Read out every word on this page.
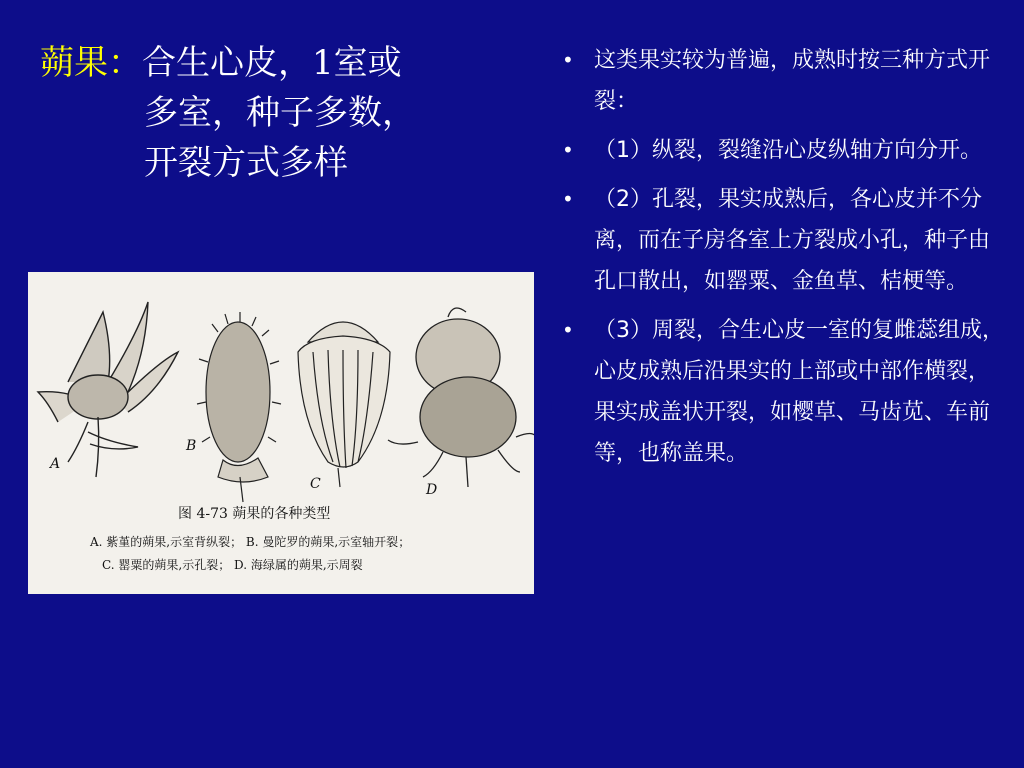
蒴果：合生心皮，1室或
多室，种子多数，
开裂方式多样
A
B
C	D
图 4-73 蒴果的各种类型
A. 紫堇的蒴果,示室背纵裂； B. 曼陀罗的蒴果,示室轴开裂；
C. 罂粟的蒴果,示孔裂； D. 海绿属的蒴果,示周裂
• 这类果实较为普遍，成熟时按三种方式开裂：
• （1）纵裂，裂缝沿心皮纵轴方向分开。
• （2）孔裂，果实成熟后，各心皮并不分离，而在子房各室上方裂成小孔，种子由孔口散出，如罂粟、金鱼草、桔梗等。
• （3）周裂，合生心皮一室的复雌蕊组成，心皮成熟后沿果实的上部或中部作横裂，果实成盖状开裂，如樱草、马齿苋、车前等，也称盖果。
